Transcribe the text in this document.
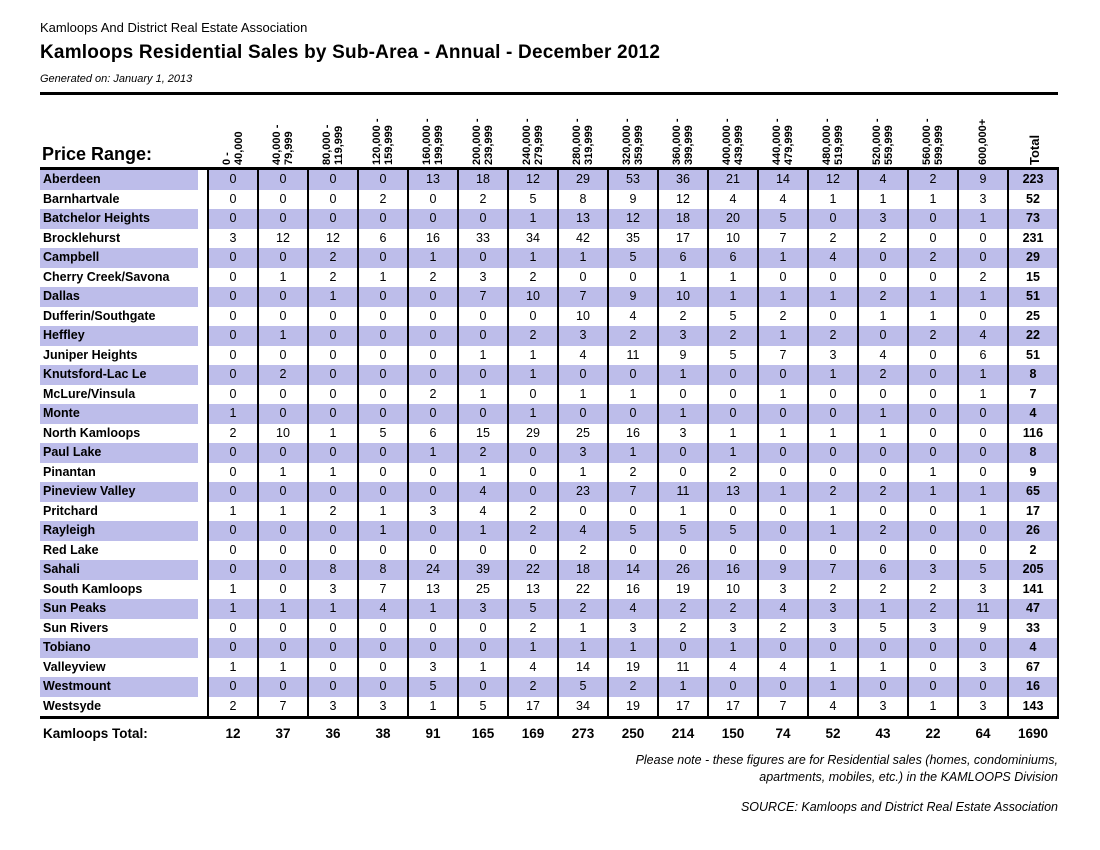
Kamloops And District Real Estate Association
Kamloops Residential Sales by Sub-Area - Annual - December 2012
Generated on: January 1, 2013
Price Range:		0 - 40,000	40,000 - 79,999	80,000 - 119,999	120,000 - 159,999	160,000 - 199,999	200,000 - 239,999	240,000 - 279,999	280,000 - 319,999	320,000 - 359,999	360,000 - 399,999	400,000 - 439,999	440,000 - 479,999	480,000 - 519,999	520,000 - 559,999	560,000 - 599,999	600,000+	Total

Aberdeen		0	0	0	0	13	18	12	29	53	36	21	14	12	4	2	9	223
Barnhartvale		0	0	0	2	0	2	5	8	9	12	4	4	1	1	1	3	52
Batchelor Heights		0	0	0	0	0	0	1	13	12	18	20	5	0	3	0	1	73
Brocklehurst		3	12	12	6	16	33	34	42	35	17	10	7	2	2	0	0	231
Campbell		0	0	2	0	1	0	1	1	5	6	6	1	4	0	2	0	29
Cherry Creek/Savona		0	1	2	1	2	3	2	0	0	1	1	0	0	0	0	2	15
Dallas		0	0	1	0	0	7	10	7	9	10	1	1	1	2	1	1	51
Dufferin/Southgate		0	0	0	0	0	0	0	10	4	2	5	2	0	1	1	0	25
Heffley		0	1	0	0	0	0	2	3	2	3	2	1	2	0	2	4	22
Juniper Heights		0	0	0	0	0	1	1	4	11	9	5	7	3	4	0	6	51
Knutsford-Lac Le		0	2	0	0	0	0	1	0	0	1	0	0	1	2	0	1	8
McLure/Vinsula		0	0	0	0	2	1	0	1	1	0	0	1	0	0	0	1	7
Monte		1	0	0	0	0	0	1	0	0	1	0	0	0	1	0	0	4
North Kamloops		2	10	1	5	6	15	29	25	16	3	1	1	1	1	0	0	116
Paul Lake		0	0	0	0	1	2	0	3	1	0	1	0	0	0	0	0	8
Pinantan		0	1	1	0	0	1	0	1	2	0	2	0	0	0	1	0	9
Pineview Valley		0	0	0	0	0	4	0	23	7	11	13	1	2	2	1	1	65
Pritchard		1	1	2	1	3	4	2	0	0	1	0	0	1	0	0	1	17
Rayleigh		0	0	0	1	0	1	2	4	5	5	5	0	1	2	0	0	26
Red Lake		0	0	0	0	0	0	0	2	0	0	0	0	0	0	0	0	2
Sahali		0	0	8	8	24	39	22	18	14	26	16	9	7	6	3	5	205
South Kamloops		1	0	3	7	13	25	13	22	16	19	10	3	2	2	2	3	141
Sun Peaks		1	1	1	4	1	3	5	2	4	2	2	4	3	1	2	11	47
Sun Rivers		0	0	0	0	0	0	2	1	3	2	3	2	3	5	3	9	33
Tobiano		0	0	0	0	0	0	1	1	1	0	1	0	0	0	0	0	4
Valleyview		1	1	0	0	3	1	4	14	19	11	4	4	1	1	0	3	67
Westmount		0	0	0	0	5	0	2	5	2	1	0	0	1	0	0	0	16
Westsyde		2	7	3	3	1	5	17	34	19	17	17	7	4	3	1	3	143
Kamloops Total:		12	37	36	38	91	165	169	273	250	214	150	74	52	43	22	64	1690
Please note - these figures are for Residential sales (homes, condominiums,
apartments, mobiles, etc.) in the KAMLOOPS Division
SOURCE: Kamloops and District Real Estate Association
